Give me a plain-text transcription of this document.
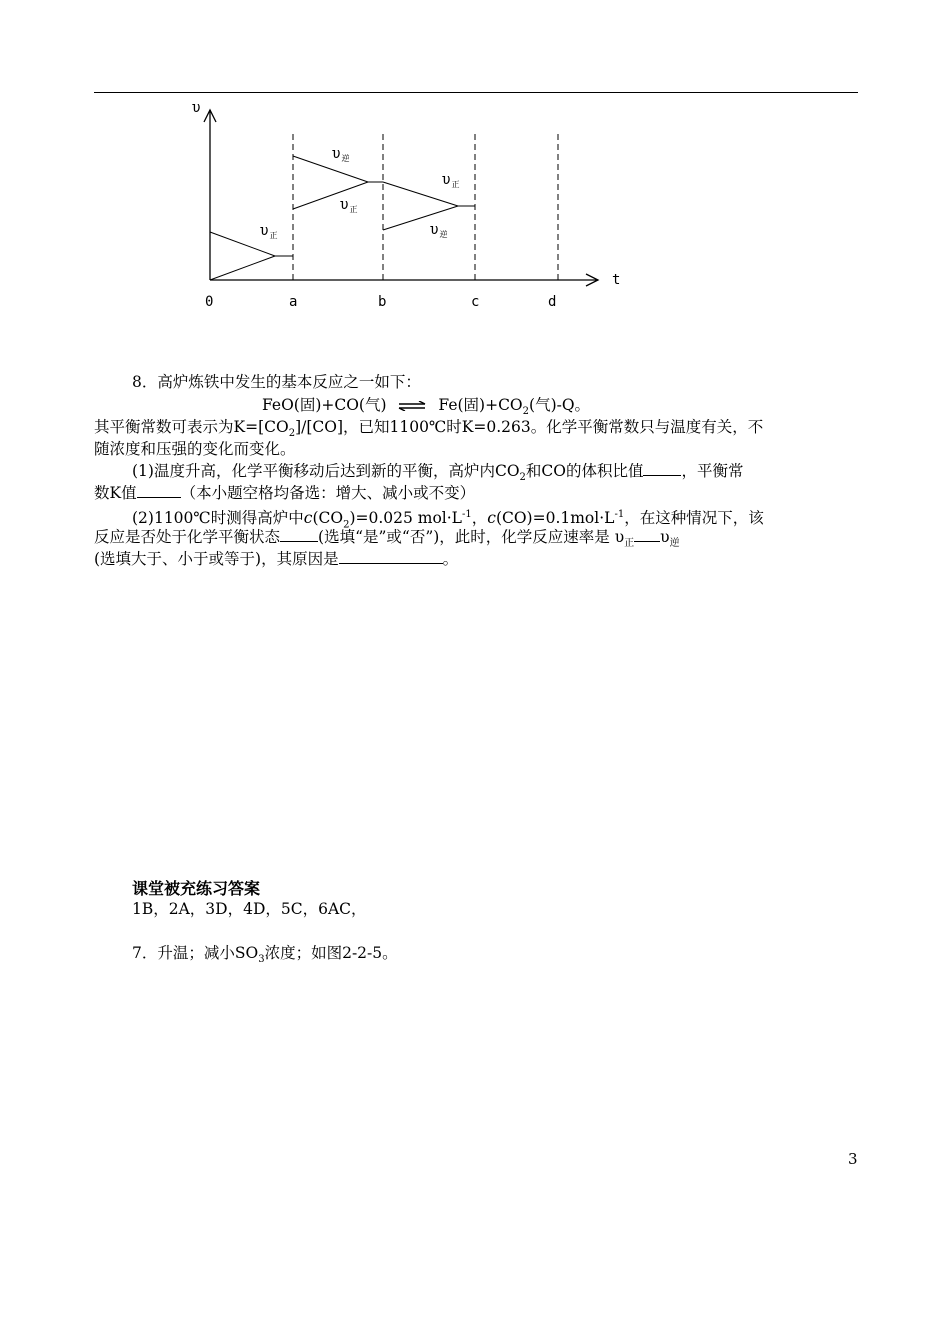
υ
t
$\upsilon_正$
$\upsilon_逆$
$\upsilon_正$
$\upsilon_正$
$\upsilon_逆$
0	a	b	c	d
8．高炉炼铁中发生的基本反应之一如下：
FeO(固)+CO(气) ⇌ Fe(固)$+CO_2$(气)-Q。
其平衡常数可表示为$K=[CO_2]/[CO]$，已知1100℃时K=0.263。化学平衡常数只与温度有关，不
随浓度和压强的变化而变化。
(1)温度升高，化学平衡移动后达到新的平衡，高炉内$CO_2$和CO的体积比值 ，平衡常
数K值	（本小题空格均备选：增大、减小或不变）
(2)1100℃时测得高炉中$c(CO_2)=0.025$ $mol\cdot L^{-1}$，$c(CO)=0.1mol\cdot L^{-1}$，在这种情况下，该
反应是否处于化学平衡状态 (选填“是”或“否”)，此时，化学反应速率是 $\upsilon_正$ $\upsilon_逆$
(选填大于、小于或等于)，其原因是	。
课堂被充练习答案
1B，2A，3D，4D，5C，6AC，
7．升温；减小$SO_3$浓度；如图2-2-5。
3
